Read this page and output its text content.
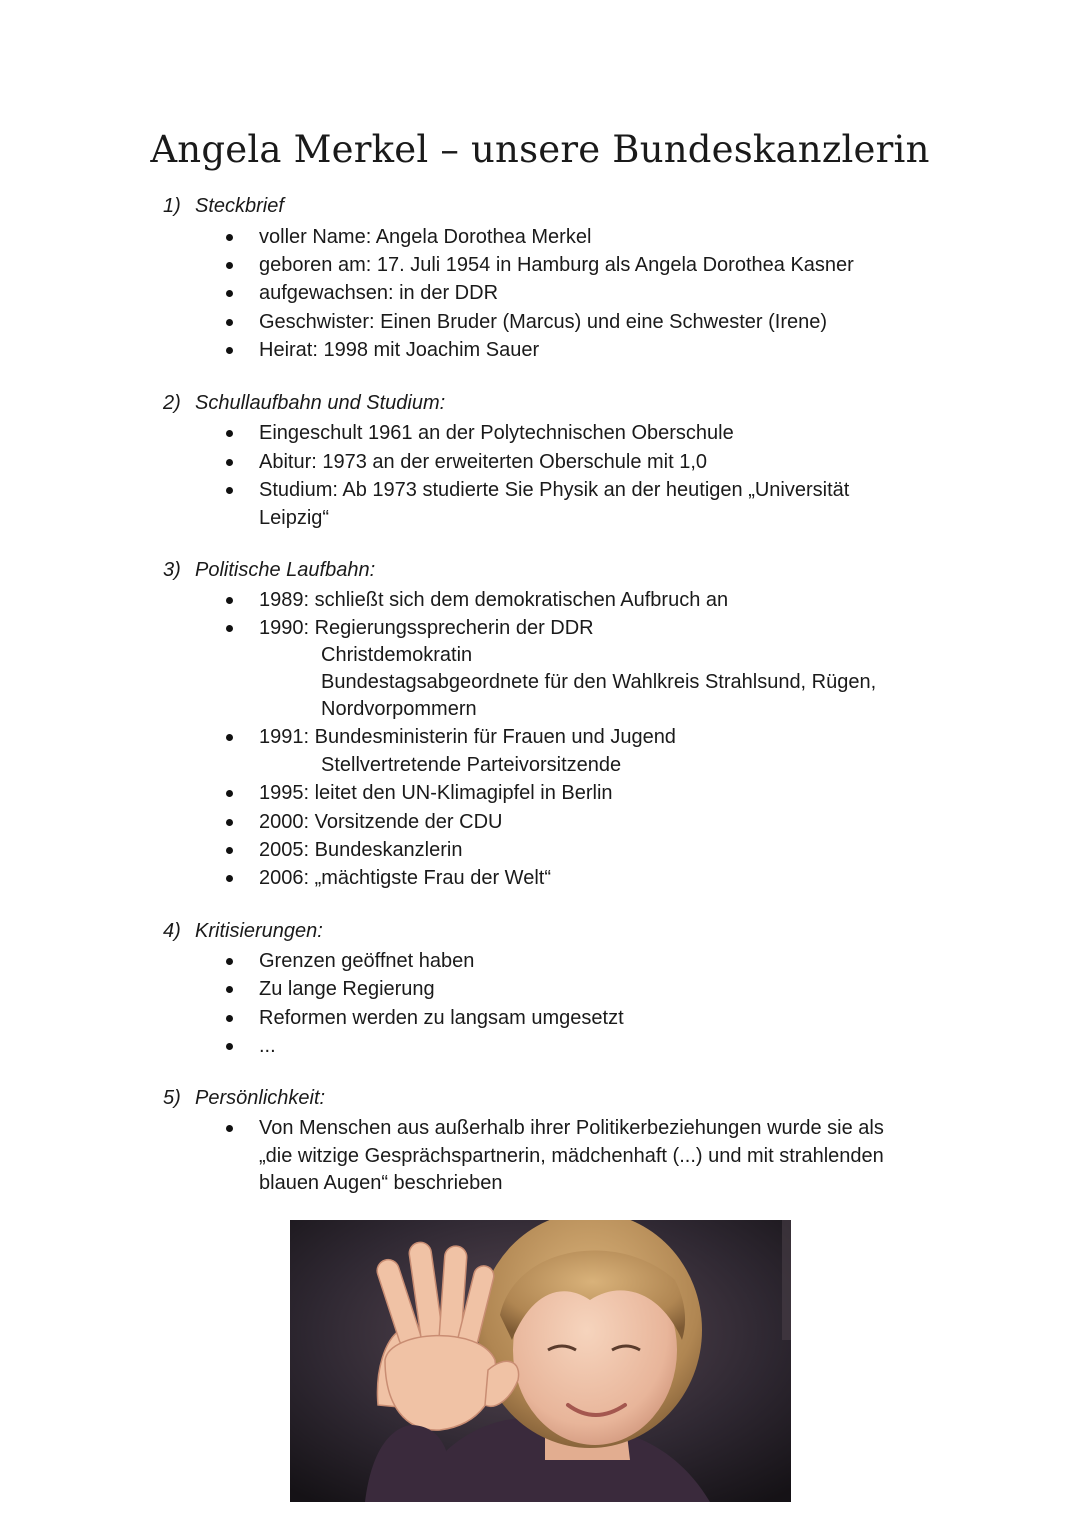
Angela Merkel – unsere Bundeskanzlerin
1) Steckbrief
voller Name: Angela Dorothea Merkel
geboren am: 17. Juli 1954 in Hamburg als Angela Dorothea Kasner
aufgewachsen: in der DDR
Geschwister: Einen Bruder (Marcus) und eine Schwester (Irene)
Heirat: 1998 mit Joachim Sauer
2) Schullaufbahn und Studium:
Eingeschult 1961 an der Polytechnischen Oberschule
Abitur: 1973 an der erweiterten Oberschule mit 1,0
Studium: Ab 1973 studierte Sie Physik an der heutigen „Universität
Leipzig“
3) Politische Laufbahn:
1989: schließt sich dem demokratischen Aufbruch an
1990: Regierungssprecherin der DDR
Christdemokratin
Bundestagsabgeordnete für den Wahlkreis Strahlsund, Rügen,
Nordvorpommern
1991: Bundesministerin für Frauen und Jugend
Stellvertretende Parteivorsitzende
1995: leitet den UN-Klimagipfel in Berlin
2000: Vorsitzende der CDU
2005: Bundeskanzlerin
2006: „mächtigste Frau der Welt“
4) Kritisierungen:
Grenzen geöffnet haben
Zu lange Regierung
Reformen werden zu langsam umgesetzt
...
5) Persönlichkeit:
Von Menschen aus außerhalb ihrer Politikerbeziehungen wurde sie als
„die witzige Gesprächspartnerin, mädchenhaft (...) und mit strahlenden
blauen Augen“ beschrieben
